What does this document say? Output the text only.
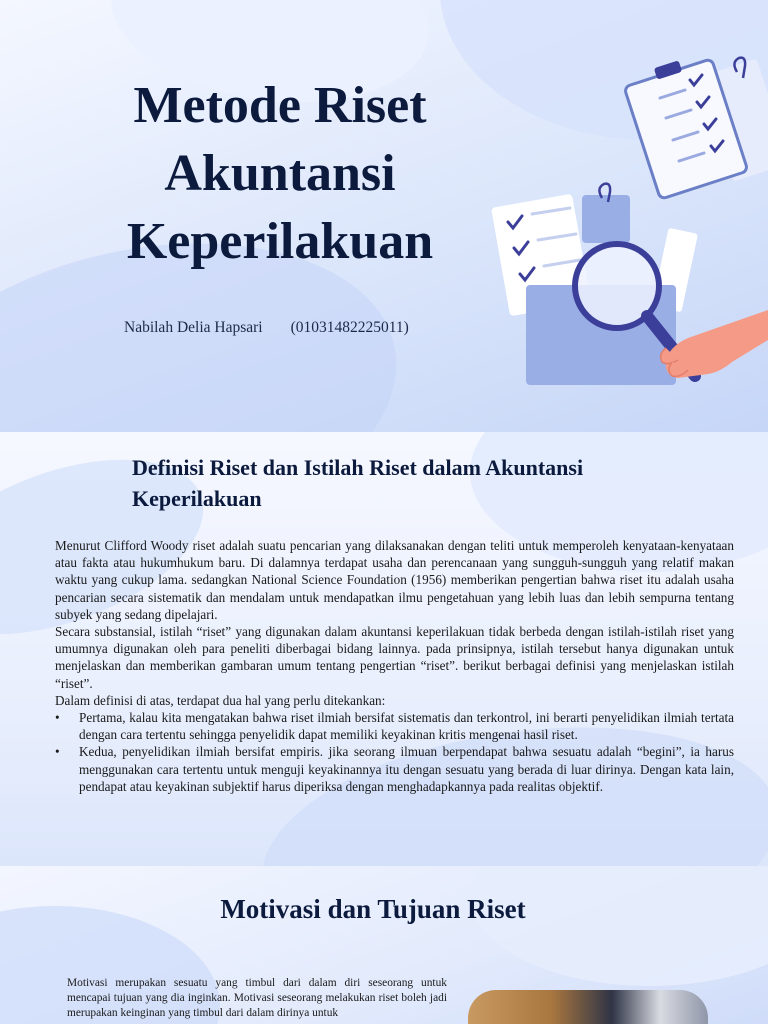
Metode Riset Akuntansi Keperilakuan
Nabilah Delia Hapsari (01031482225011)
Definisi Riset dan Istilah Riset dalam Akuntansi Keperilakuan

Menurut Clifford Woody riset adalah suatu pencarian yang dilaksanakan dengan teliti untuk memperoleh kenyataan-kenyataan atau fakta atau hukumhukum baru. Di dalamnya terdapat usaha dan perencanaan yang sungguh-sungguh yang relatif makan waktu yang cukup lama. sedangkan National Science Foundation (1956) memberikan pengertian bahwa riset itu adalah usaha pencarian secara sistematik dan mendalam untuk mendapatkan ilmu pengetahuan yang lebih luas dan lebih sempurna tentang subyek yang sedang dipelajari.

Secara substansial, istilah “riset” yang digunakan dalam akuntansi keperilakuan tidak berbeda dengan istilah-istilah riset yang umumnya digunakan oleh para peneliti diberbagai bidang lainnya. pada prinsipnya, istilah tersebut hanya digunakan untuk menjelaskan dan memberikan gambaran umum tentang pengertian “riset”. berikut berbagai definisi yang menjelaskan istilah “riset”.

Dalam definisi di atas, terdapat dua hal yang perlu ditekankan:

• Pertama, kalau kita mengatakan bahwa riset ilmiah bersifat sistematis dan terkontrol, ini berarti penyelidikan ilmiah tertata dengan cara tertentu sehingga penyelidik dapat memiliki keyakinan kritis mengenai hasil riset.
• Kedua, penyelidikan ilmiah bersifat empiris. jika seorang ilmuan berpendapat bahwa sesuatu adalah “begini”, ia harus menggunakan cara tertentu untuk menguji keyakinannya itu dengan sesuatu yang berada di luar dirinya. Dengan kata lain, pendapat atau keyakinan subjektif harus diperiksa dengan menghadapkannya pada realitas objektif.
Motivasi dan Tujuan Riset

Motivasi merupakan sesuatu yang timbul dari dalam diri seseorang untuk mencapai tujuan yang dia inginkan. Motivasi seseorang melakukan riset boleh jadi merupakan keinginan yang timbul dari dalam dirinya untuk
